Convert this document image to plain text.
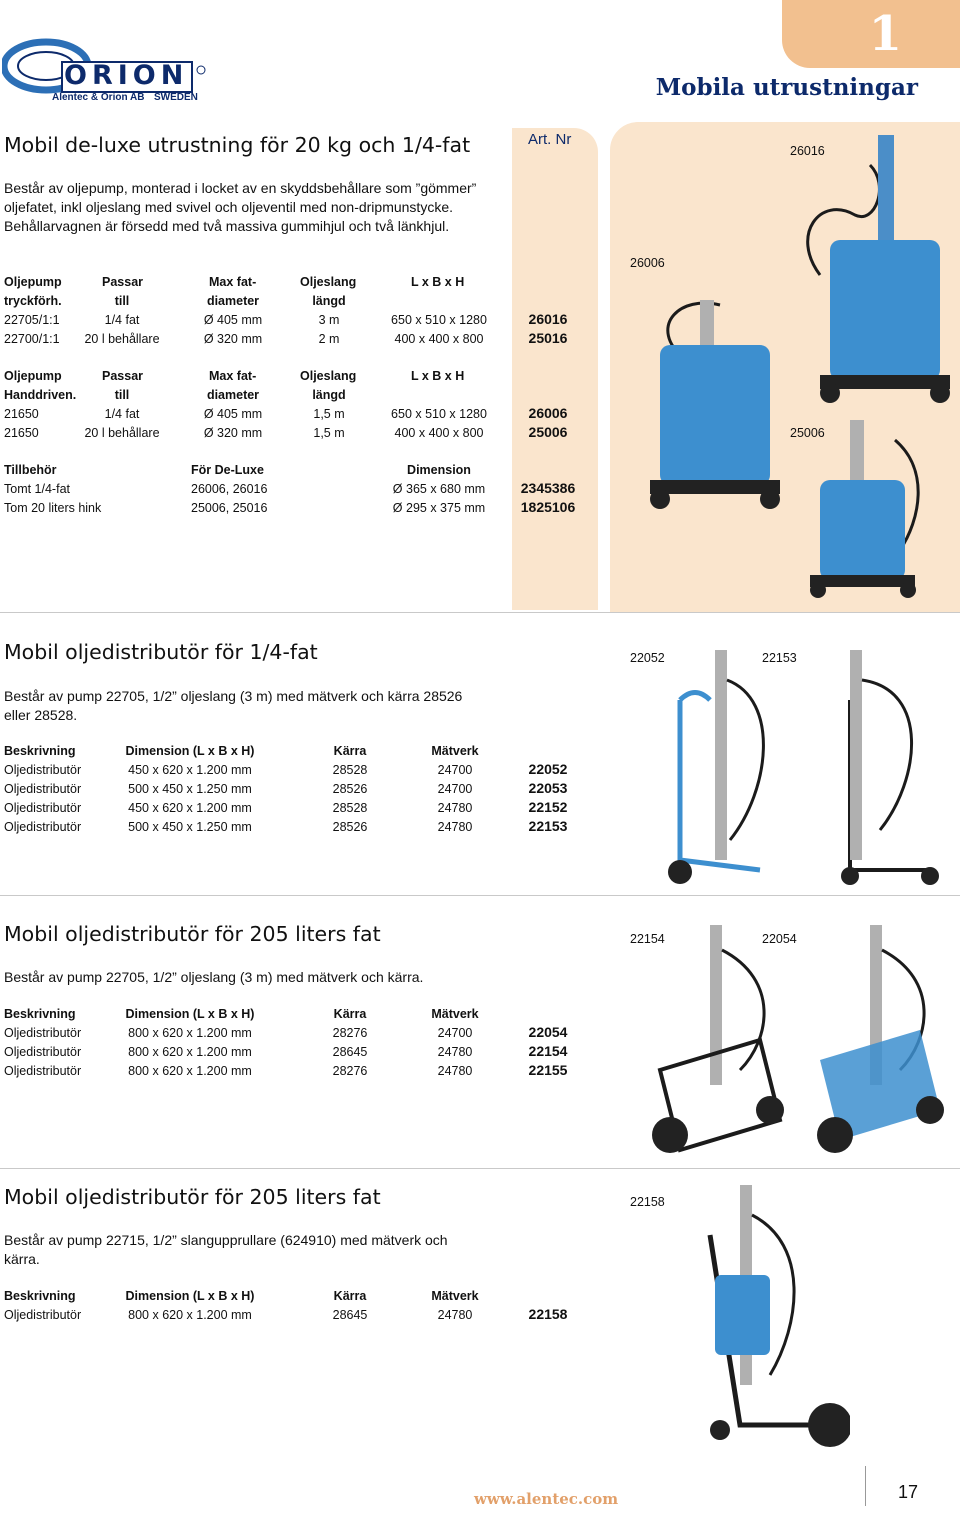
ORION
Alentec & Orion AB SWEDEN
1
Mobila utrustningar
Art. Nr
Mobil de-luxe utrustning för 20 kg och 1/4-fat

Består av oljepump, monterad i locket av en skyddsbehållare som ”gömmer” oljefatet, inkl oljeslang med svivel och oljeventil med non-dripmunstycke. Behållarvagnen är försedd med två massiva gummihjul och två länkhjul.

Oljepump	Passar	Max fat-	Oljeslang	L x B x H
tryckförh.	till	diameter	längd
22705/1:1	1/4 fat	Ø 405 mm	3 m	650 x 510 x 1280	26016
22700/1:1 20 l behållare	Ø 320 mm	2 m	400 x 400 x 800	25016
Oljepump	Passar	Max fat-	Oljeslang	L x B x H
Handdriven.	till	diameter	längd
21650	1/4 fat	Ø 405 mm	1,5 m	650 x 510 x 1280	26006
21650	20 l behållare	Ø 320 mm	1,5 m	400 x 400 x 800	25006
Tillbehör	För De-Luxe	Dimension
Tomt 1/4-fat	26006, 26016	Ø 365 x 680 mm	2345386
Tom 20 liters hink	25006, 25016	Ø 295 x 375 mm	1825106
26016
26006
25006
Mobil oljedistributör för 1/4-fat

Består av pump 22705, 1/2” oljeslang (3 m) med mätverk och kärra 28526 eller 28528.

Beskrivning	Dimension (L x B x H)	Kärra	Mätverk
Oljedistributör	450 x 620 x 1.200 mm	28528	24700	22052
Oljedistributör	500 x 450 x 1.250 mm	28526	24700	22053
Oljedistributör	450 x 620 x 1.200 mm	28528	24780	22152
Oljedistributör	500 x 450 x 1.250 mm	28526	24780	22153
22052	22153
Mobil oljedistributör för 205 liters fat

Består av pump 22705, 1/2” oljeslang (3 m) med mätverk och kärra.

Beskrivning	Dimension (L x B x H)	Kärra	Mätverk
Oljedistributör	800 x 620 x 1.200 mm	28276	24700	22054
Oljedistributör	800 x 620 x 1.200 mm	28645	24780	22154
Oljedistributör	800 x 620 x 1.200 mm	28276	24780	22155
22154	22054
Mobil oljedistributör för 205 liters fat

Består av pump 22715, 1/2” slangupprullare (624910) med mätverk och kärra.

Beskrivning	Dimension (L x B x H)	Kärra	Mätverk
Oljedistributör	800 x 620 x 1.200 mm	28645	24780	22158
22158
www.alentec.com	17
